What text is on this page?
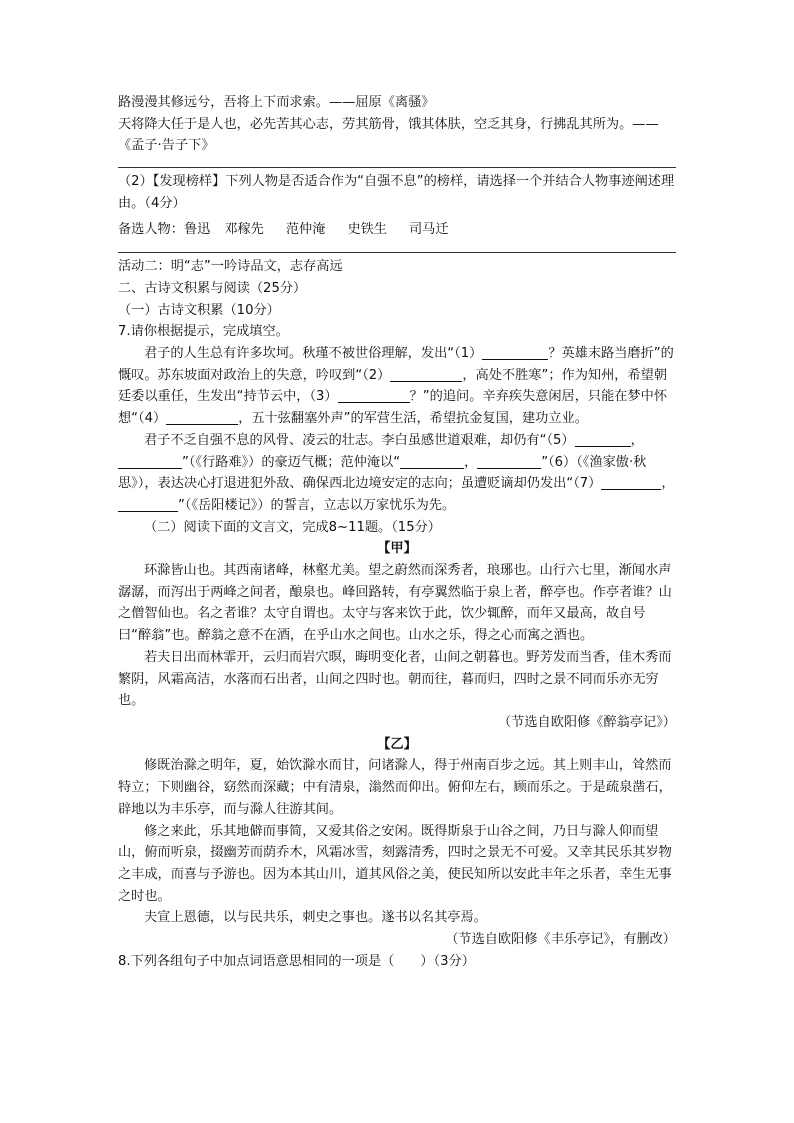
路漫漫其修远兮，吾将上下而求索。——屈原《离骚》

天将降大任于是人也，必先苦其心志，劳其筋骨，饿其体肤，空乏其身，行拂乱其所为。——《孟子·告子下》

（2）【发现榜样】下列人物是否适合作为“自强不息”的榜样，请选择一个并结合人物事迹阐述理由。（4分）

备选人物：鲁迅 邓稼先 范仲淹 史铁生 司马迁

活动二：明“志”一吟诗品文，志存高远

二、古诗文积累与阅读（25分）

（一）古诗文积累（10分）

7.请你根据提示，完成填空。

君子的人生总有许多坎坷。秋瑾不被世俗理解，发出“（1）	？英雄末路当磨折”的慨叹。苏东坡面对政治上的失意，吟叹到“（2）	，高处不胜寒”；作为知州，希望朝廷委以重任，生发出“持节云中，（3）	？”的追问。辛弃疾失意闲居，只能在梦中怀想“（4）	，五十弦翻塞外声”的军营生活，希望抗金复国，建功立业。

君子不乏自强不息的风骨、凌云的壮志。李白虽感世道艰难，却仍有“（5）	，”（《行路难》）的豪迈气概；范仲淹以“	，	”（6）（《渔家傲·秋思》），表达决心打退进犯外敌、确保西北边境安定的志向；虽遭贬谪却仍发出“（7）	，”（《岳阳楼记》）的誓言，立志以万家忧乐为先。

（二）阅读下面的文言文，完成8~11题。（15分）

【甲】

环滁皆山也。其西南诸峰，林壑尤美。望之蔚然而深秀者，琅琊也。山行六七里，渐闻水声潺潺，而泻出于两峰之间者，酿泉也。峰回路转，有亭翼然临于泉上者，醉亭也。作亭者谁？山之僧智仙也。名之者谁？太守自谓也。太守与客来饮于此，饮少辄醉，而年又最高，故自号曰“醉翁”也。醉翁之意不在酒，在乎山水之间也。山水之乐，得之心而寓之酒也。

若夫日出而林霏开，云归而岩穴暝，晦明变化者，山间之朝暮也。野芳发而当香，佳木秀而繁阴，风霜高洁，水落而石出者，山间之四时也。朝而往，暮而归，四时之景不同而乐亦无穷也。

（节选自欧阳修《醉翁亭记》）

【乙】

修既治滁之明年，夏，始饮滁水而甘，问诸滁人，得于州南百步之远。其上则丰山，耸然而特立；下则幽谷，窈然而深藏；中有清泉，滃然而仰出。俯仰左右，顾而乐之。于是疏泉凿石，辟地以为丰乐亭，而与滁人往游其间。

修之来此，乐其地僻而事简，又爱其俗之安闲。既得斯泉于山谷之间，乃日与滁人仰而望山，俯而听泉，掇幽芳而荫乔木，风霜冰雪，刻露清秀，四时之景无不可爱。又幸其民乐其岁物之丰成，而喜与予游也。因为本其山川，道其风俗之美，使民知所以安此丰年之乐者，幸生无事之时也。

夫宣上恩德，以与民共乐，刺史之事也。遂书以名其亭焉。

（节选自欧阳修《丰乐亭记》，有删改）

8.下列各组句子中加点词语意思相同的一项是（ ）（3分）
